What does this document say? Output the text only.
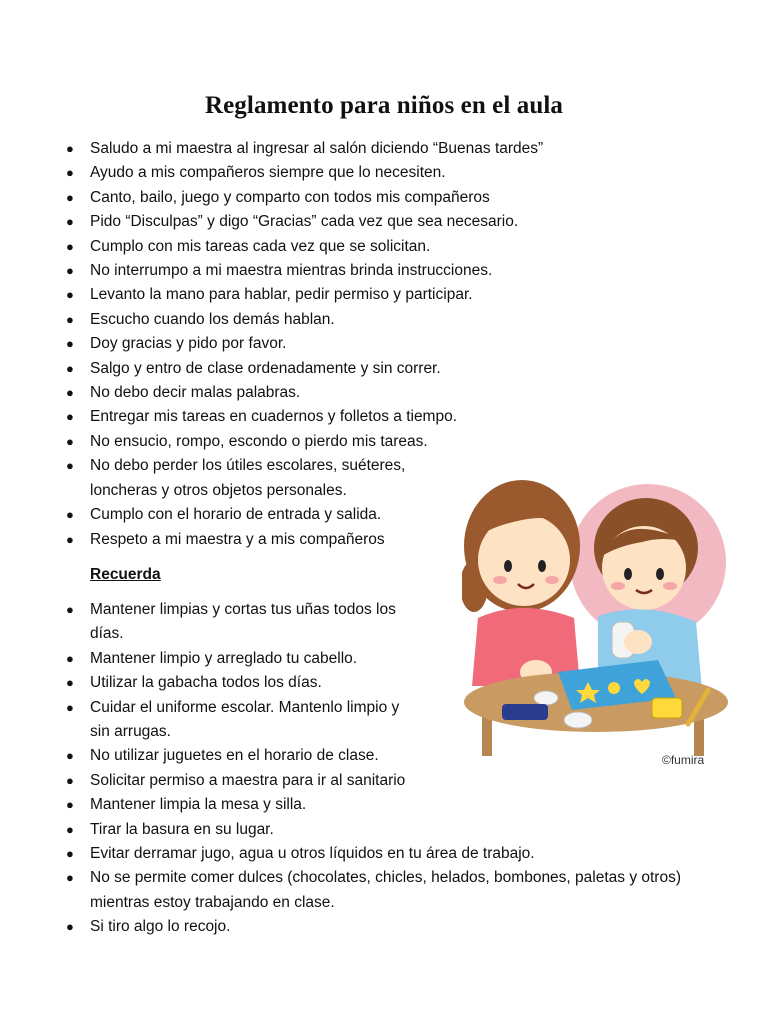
Reglamento para niños en el aula
● Saludo a mi maestra al ingresar al salón diciendo “Buenas tardes”
● Ayudo a mis compañeros siempre que lo necesiten.
● Canto, bailo, juego y comparto con todos mis compañeros
● Pido “Disculpas” y digo “Gracias” cada vez que sea necesario.
● Cumplo con mis tareas cada vez que se solicitan.
● No interrumpo a mi maestra mientras brinda instrucciones.
● Levanto la mano para hablar, pedir permiso y participar.
● Escucho cuando los demás hablan.
● Doy gracias y pido por favor.
● Salgo y entro de clase ordenadamente y sin correr.
● No debo decir malas palabras.
● Entregar mis tareas en cuadernos y folletos a tiempo.
● No ensucio, rompo, escondo o pierdo mis tareas.
● No debo perder los útiles escolares, suéteres,
loncheras y otros objetos personales.
● Cumplo con el horario de entrada y salida.
● Respeto a mi maestra y a mis compañeros
Recuerda
● Mantener limpias y cortas tus uñas todos los
días.
● Mantener limpio y arreglado tu cabello.
● Utilizar la gabacha todos los días.
● Cuidar el uniforme escolar. Mantenlo limpio y
sin arrugas.
● No utilizar juguetes en el horario de clase.
● Solicitar permiso a maestra para ir al sanitario
● Mantener limpia la mesa y silla.
● Tirar la basura en su lugar.
● Evitar derramar jugo, agua u otros líquidos en tu área de trabajo.
● No se permite comer dulces (chocolates, chicles, helados, bombones, paletas y otros)
mientras estoy trabajando en clase.
● Si tiro algo lo recojo.
©fumira
